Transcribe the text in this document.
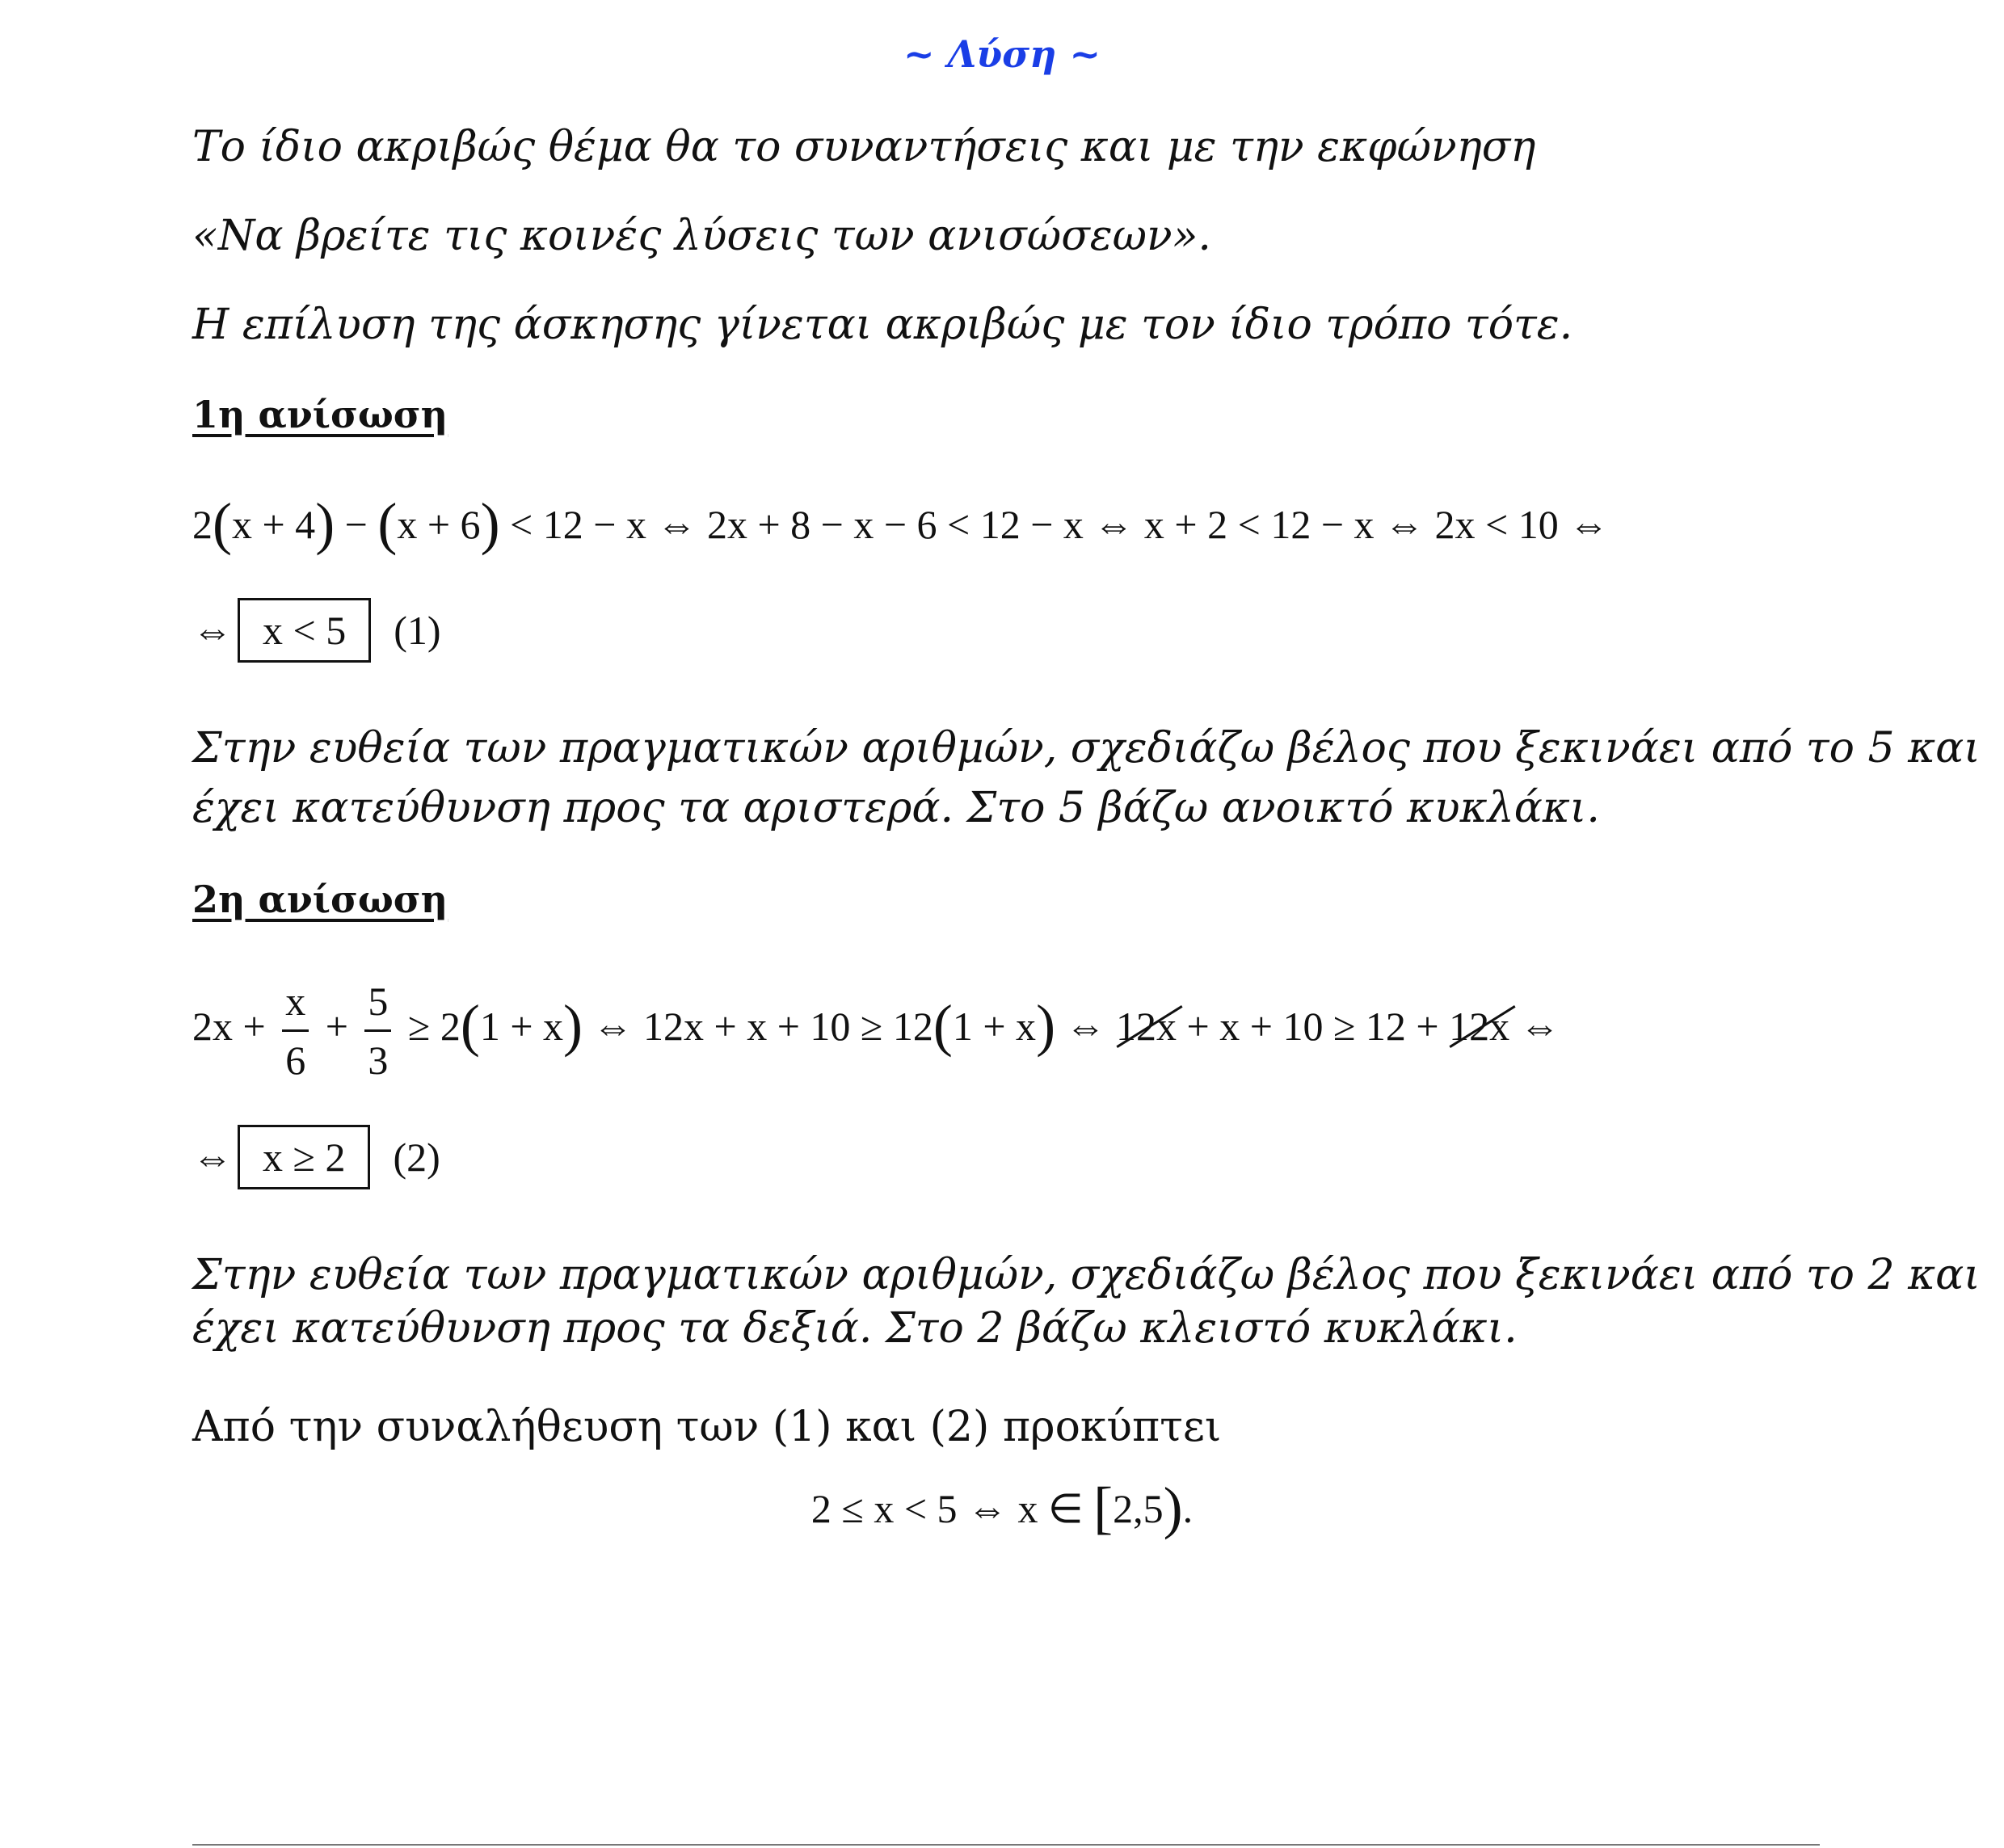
~ Λύση ~
Το ίδιο ακριβώς θέμα θα το συναντήσεις και με την εκφώνηση
«Να βρείτε τις κοινές λύσεις των ανισώσεων».
Η επίλυση της άσκησης γίνεται ακριβώς με τον ίδιο τρόπο τότε.
1η ανίσωση
2(x + 4) − (x + 6) < 12 − x ⇔ 2x + 8 − x − 6 < 12 − x ⇔ x + 2 < 12 − x ⇔ 2x < 10 ⇔
⇔ x < 5 (1)
Στην ευθεία των πραγματικών αριθμών, σχεδιάζω βέλος που ξεκινάει από το 5 και
έχει κατεύθυνση προς τα αριστερά. Στο 5 βάζω ανοικτό κυκλάκι.
2η ανίσωση
$2x + \frac{x}{6} + \frac{5}{3} \ge 2(1 + x)$ ⇔ 12x + x + 10 ≥ 12(1 + x) ⇔ 12x + x + 10 ≥ 12 + 12x ⇔
⇔ x ≥ 2 (2)
Στην ευθεία των πραγματικών αριθμών, σχεδιάζω βέλος που ξεκινάει από το 2 και
έχει κατεύθυνση προς τα δεξιά. Στο 2 βάζω κλειστό κυκλάκι.
Από την συναλήθευση των (1) και (2) προκύπτει
2 ≤ x < 5 ⇔ x ∈ [2,5).
